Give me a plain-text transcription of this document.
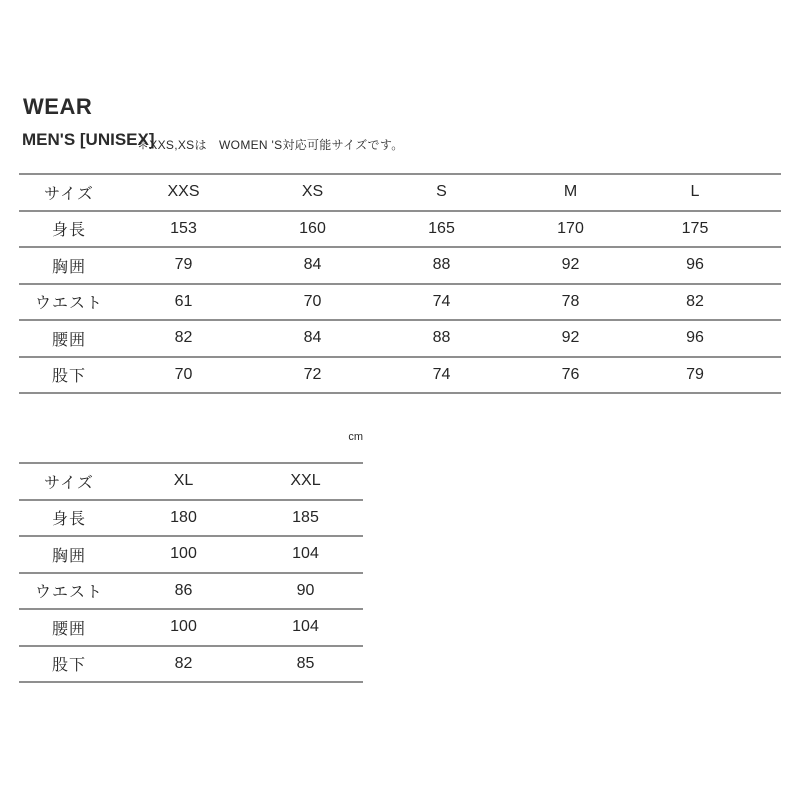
WEAR
MEN'S [UNISEX]
＊XXS,XSは　WOMEN 'S対応可能サイズです。
サイズ	XXS	XS	S	M	L
身長	153	160	165	170	175
胸囲	79	84	88	92	96
ウエスト	61	70	74	78	82
腰囲	82	84	88	92	96
股下	70	72	74	76	79
cm
サイズ	XL	XXL
身長	180	185
胸囲	100	104
ウエスト	86	90
腰囲	100	104
股下	82	85
